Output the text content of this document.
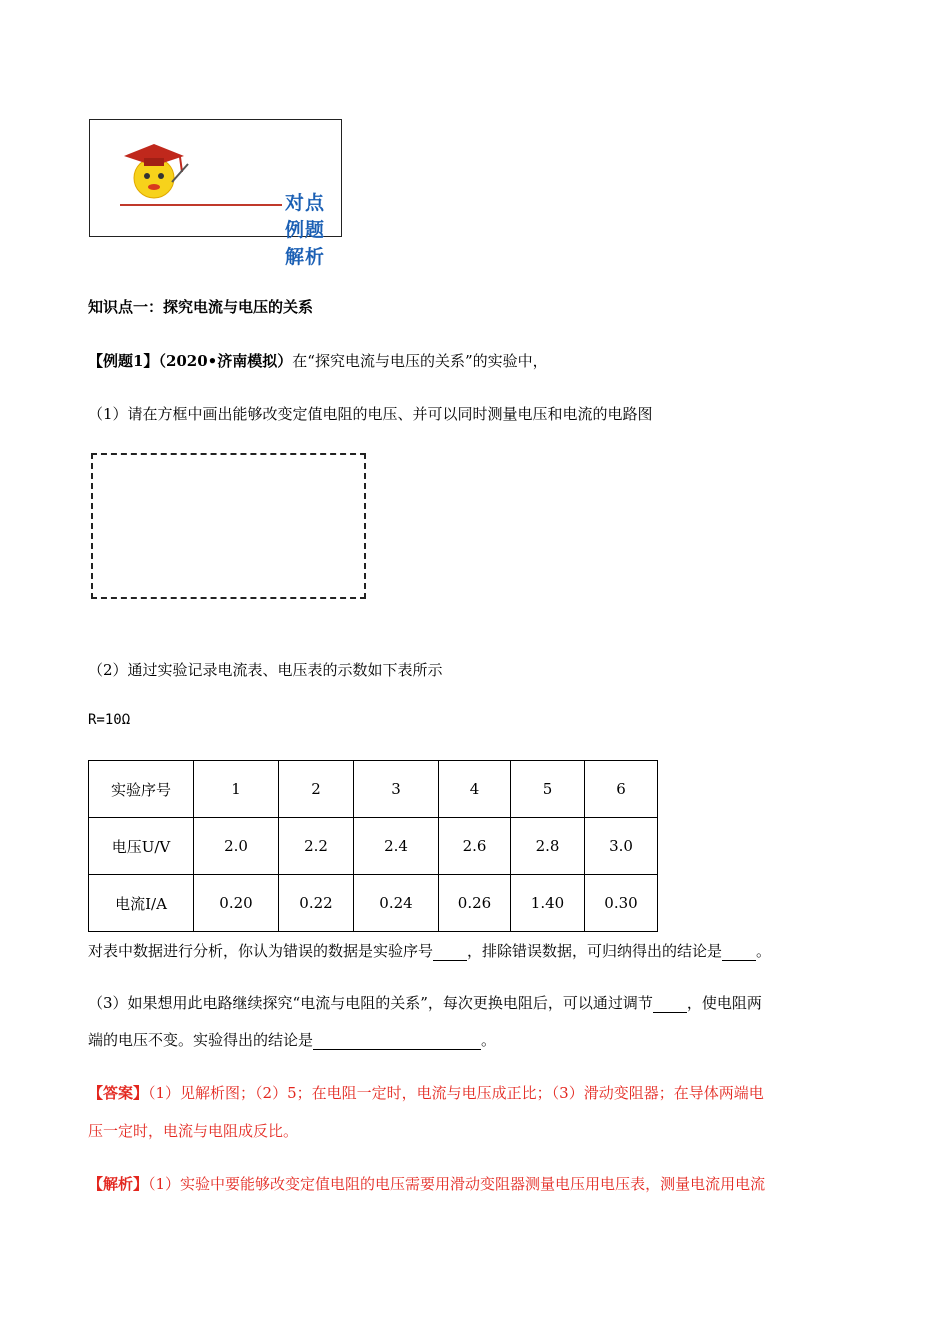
对点例题解析
知识点一：探究电流与电压的关系
【例题1】（2020•济南模拟）在“探究电流与电压的关系”的实验中，
（1）请在方框中画出能够改变定值电阻的电压、并可以同时测量电压和电流的电路图
（2）通过实验记录电流表、电压表的示数如下表所示
R=10Ω
实验序号	1	2	3	4	5	6
电压U/V	2.0	2.2	2.4	2.6	2.8	3.0
电流I/A	0.20	0.22	0.24	0.26	1.40	0.30
对表中数据进行分析，你认为错误的数据是实验序号 ，排除错误数据，可归纳得出的结论是 。
（3）如果想用此电路继续探究“电流与电阻的关系”，每次更换电阻后，可以通过调节 ，使电阻两
端的电压不变。实验得出的结论是	。
【答案】（1）见解析图；（2）5；在电阻一定时，电流与电压成正比；（3）滑动变阻器；在导体两端电
压一定时，电流与电阻成反比。
【解析】（1）实验中要能够改变定值电阻的电压需要用滑动变阻器测量电压用电压表，测量电流用电流
